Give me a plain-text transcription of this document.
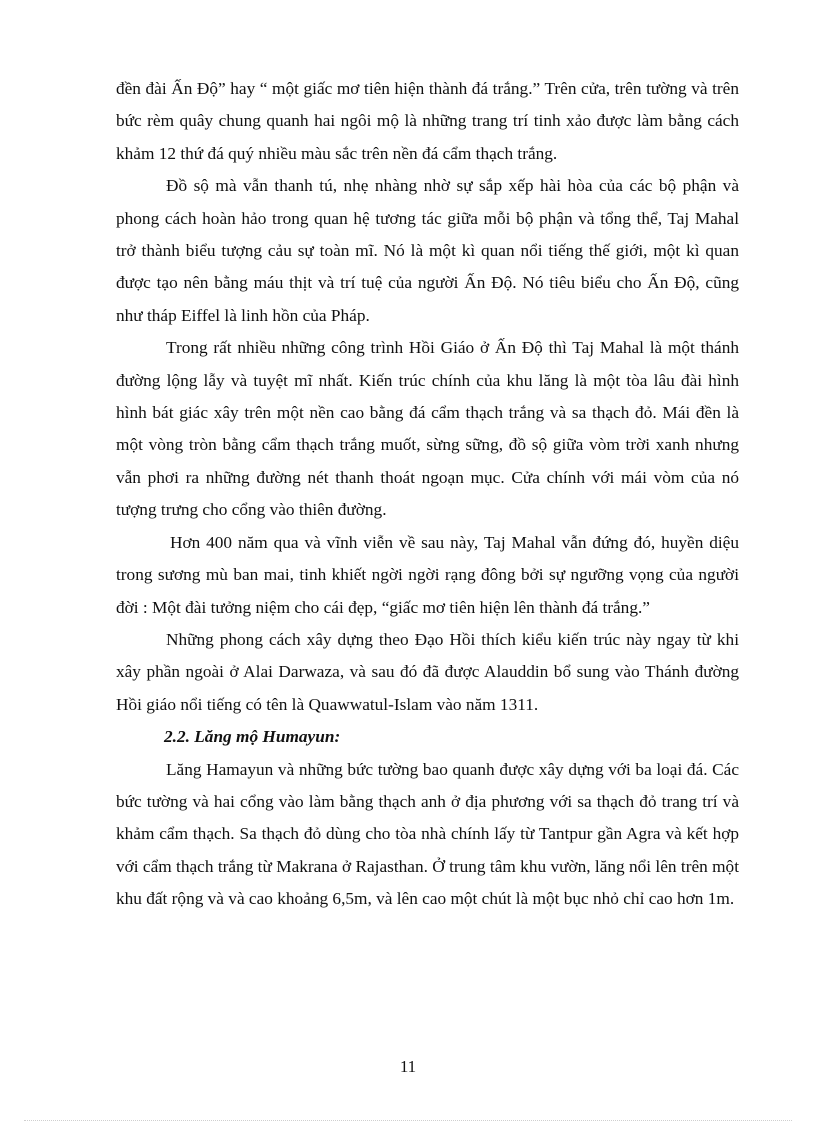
đền đài Ấn Độ” hay “ một giấc mơ tiên hiện thành đá trắng.” Trên cửa, trên tường và trên bức rèm quây chung quanh hai ngôi mộ là những trang trí tinh xảo được làm bằng cách khảm 12 thứ đá quý nhiều màu sắc trên nền đá cẩm thạch trắng.

Đồ sộ mà vẫn thanh tú, nhẹ nhàng nhờ sự sắp xếp hài hòa của các bộ phận và phong cách hoàn hảo trong quan hệ tương tác giữa mỗi bộ phận và tổng thể, Taj Mahal trở thành biểu tượng cảu sự toàn mĩ. Nó là một kì quan nổi tiếng thế giới, một kì quan được tạo nên bằng máu thịt và trí tuệ của người Ấn Độ. Nó tiêu biểu cho Ấn Độ, cũng như tháp Eiffel là linh hồn của Pháp.

Trong rất nhiều những công trình Hồi Giáo ở Ấn Độ thì Taj Mahal là một thánh đường lộng lẫy và tuyệt mĩ nhất. Kiến trúc chính của khu lăng là một tòa lâu đài hình hình bát giác xây trên một nền cao bằng đá cẩm thạch trắng và sa thạch đỏ. Mái đền là một vòng tròn bằng cẩm thạch trắng muốt, sừng sững, đồ sộ giữa vòm trời xanh nhưng vẫn phơi ra những đường nét thanh thoát ngoạn mục. Cửa chính với mái vòm của nó tượng trưng cho cổng vào thiên đường.

Hơn 400 năm qua và vĩnh viễn về sau này, Taj Mahal vẫn đứng đó, huyền diệu trong sương mù ban mai, tinh khiết ngời ngời rạng đông bởi sự ngưỡng vọng của người đời : Một đài tưởng niệm cho cái đẹp, “giấc mơ tiên hiện lên thành đá trắng.”

Những phong cách xây dựng theo Đạo Hồi thích kiểu kiến trúc này ngay từ khi xây phần ngoài ở Alai Darwaza, và sau đó đã được Alauddin bổ sung vào Thánh đường Hồi giáo nổi tiếng có tên là Quawwatul-Islam vào năm 1311.

2.2. Lăng mộ Humayun:

Lăng Hamayun và những bức tường bao quanh được xây dựng với ba loại đá. Các bức tường và hai cổng vào làm bằng thạch anh ở địa phương với sa thạch đỏ trang trí và khảm cẩm thạch. Sa thạch đỏ dùng cho tòa nhà chính lấy từ Tantpur gần Agra và kết hợp với cẩm thạch trắng từ Makrana ở Rajasthan. Ở trung tâm khu vườn, lăng nổi lên trên một khu đất rộng và và cao khoảng 6,5m, và lên cao một chút là một bục nhỏ chỉ cao hơn 1m.

11
